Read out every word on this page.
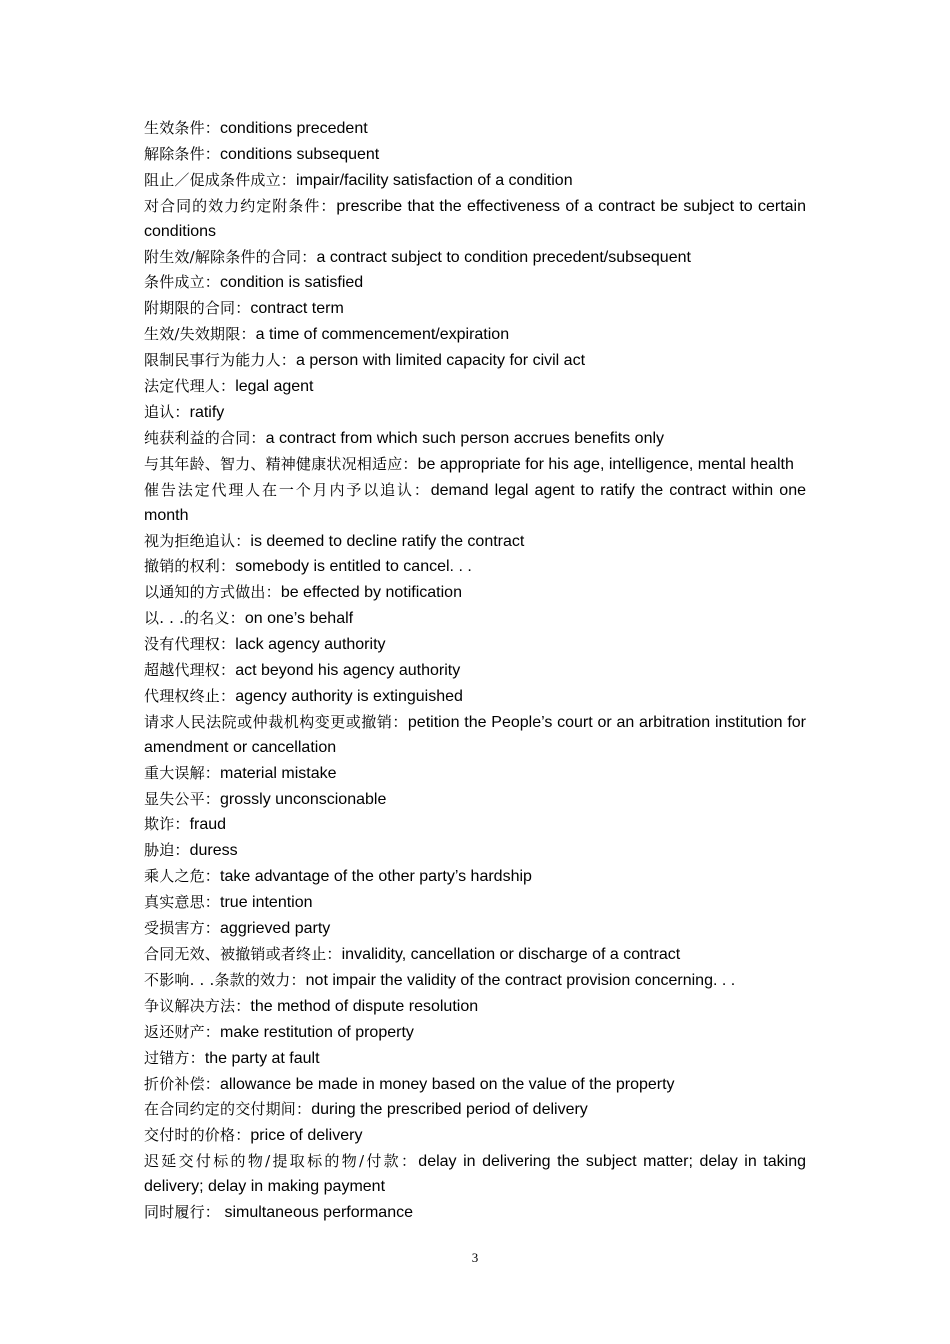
生效条件：conditions precedent

解除条件：conditions subsequent

阻止／促成条件成立：impair/facility satisfaction of a condition

对合同的效力约定附条件：prescribe that the effectiveness of a contract be subject to certain conditions

附生效/解除条件的合同：a contract subject to condition precedent/subsequent

条件成立：condition is satisfied

附期限的合同：contract term

生效/失效期限：a time of commencement/expiration

限制民事行为能力人：a person with limited capacity for civil act

法定代理人：legal agent

追认：ratify

纯获利益的合同：a contract from which such person accrues benefits only

与其年龄、智力、精神健康状况相适应：be appropriate for his age, intelligence, mental health

催告法定代理人在一个月内予以追认：demand legal agent to ratify the contract within one month

视为拒绝追认：is deemed to decline ratify the contract

撤销的权利：somebody is entitled to cancel. . .

以通知的方式做出：be effected by notification

以. . .的名义：on one’s behalf

没有代理权：lack agency authority

超越代理权：act beyond his agency authority

代理权终止：agency authority is extinguished

请求人民法院或仲裁机构变更或撤销：petition the People’s court or an arbitration institution for amendment or cancellation

重大误解：material mistake

显失公平：grossly unconscionable

欺诈：fraud

胁迫：duress

乘人之危：take advantage of the other party’s hardship

真实意思：true intention

受损害方：aggrieved party

合同无效、被撤销或者终止：invalidity, cancellation or discharge of a contract

不影响. . .条款的效力：not impair the validity of the contract provision concerning. . .

争议解决方法：the method of dispute resolution

返还财产：make restitution of property

过错方：the party at fault

折价补偿：allowance be made in money based on the value of the property

在合同约定的交付期间：during the prescribed period of delivery

交付时的价格：price of delivery

迟延交付标的物/提取标的物/付款：delay in delivering the subject matter; delay in taking delivery; delay in making payment

同时履行： simultaneous performance

3
